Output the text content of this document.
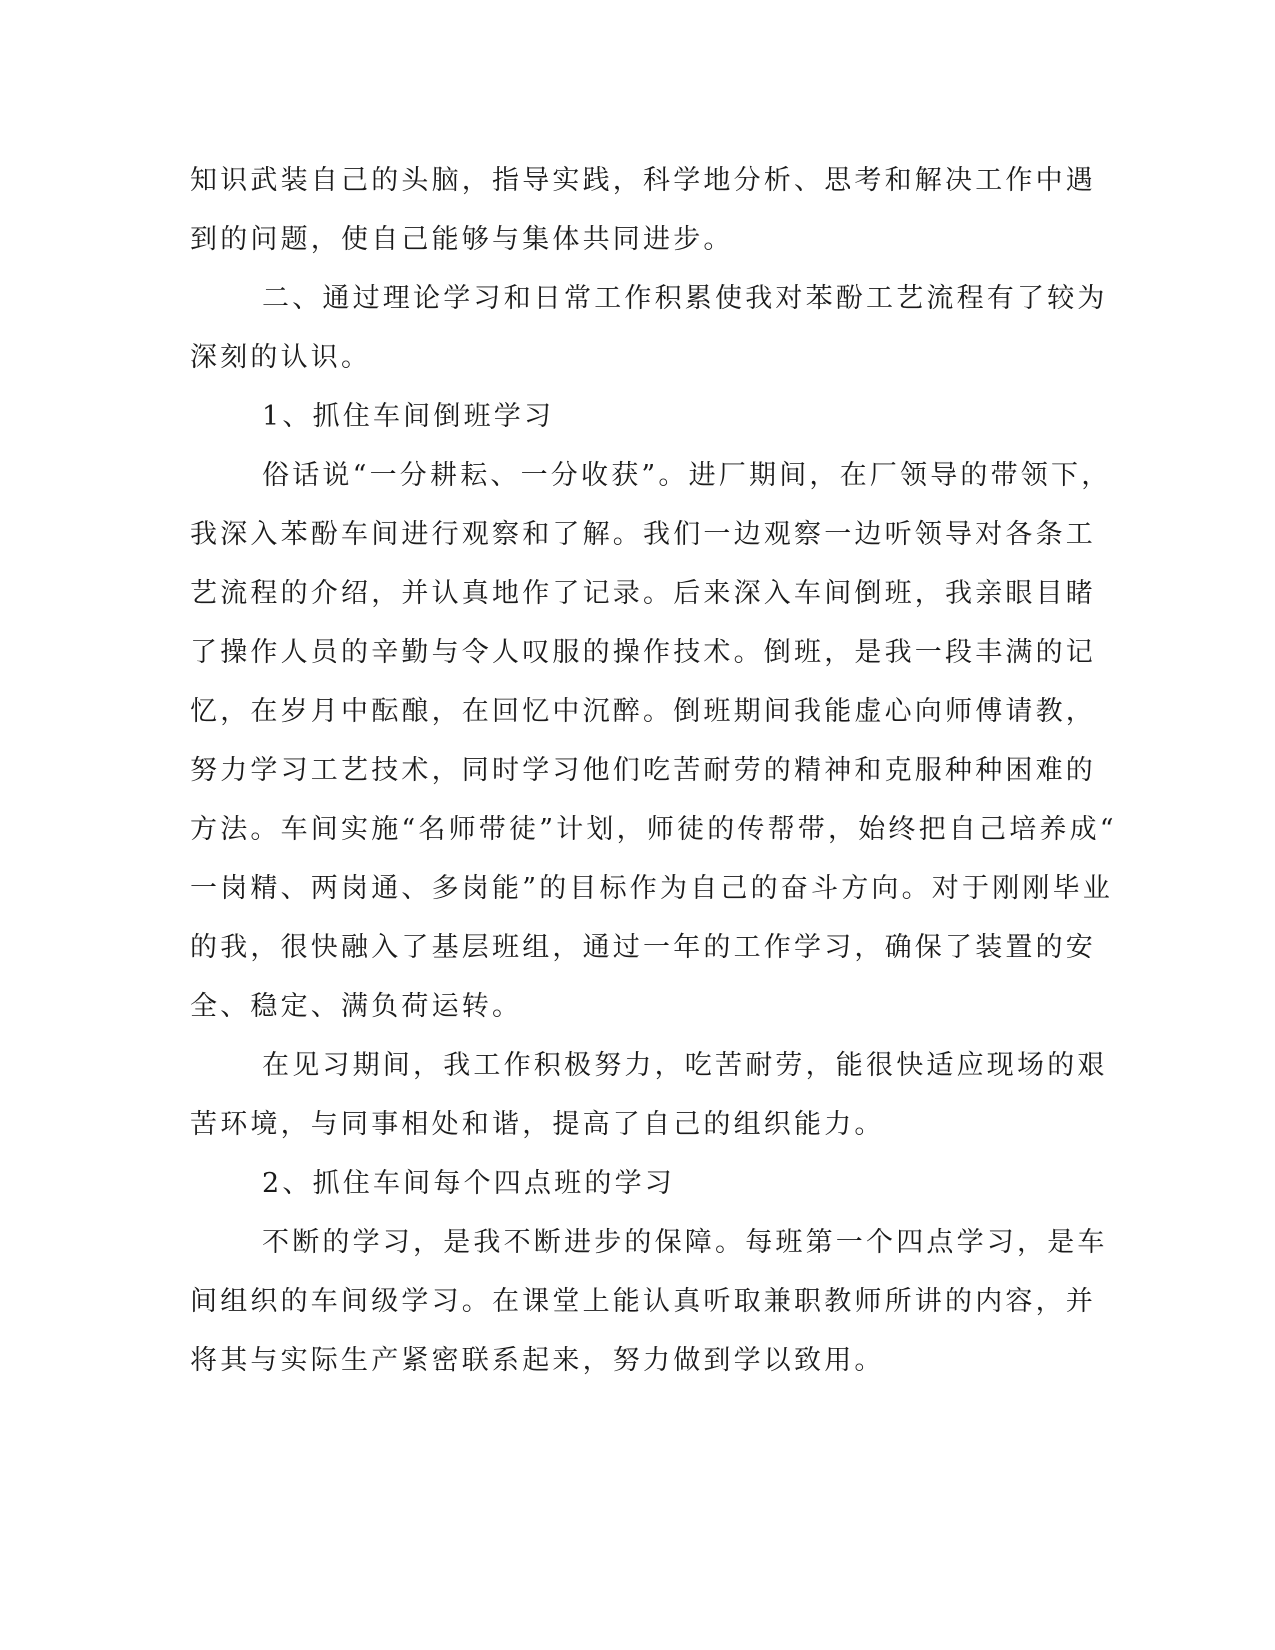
知识武装自己的头脑，指导实践，科学地分析、思考和解决工作中遇
到的问题，使自己能够与集体共同进步。
二、通过理论学习和日常工作积累使我对苯酚工艺流程有了较为
深刻的认识。
1、抓住车间倒班学习
俗话说“一分耕耘、一分收获”。进厂期间，在厂领导的带领下，
我深入苯酚车间进行观察和了解。我们一边观察一边听领导对各条工
艺流程的介绍，并认真地作了记录。后来深入车间倒班，我亲眼目睹
了操作人员的辛勤与令人叹服的操作技术。倒班，是我一段丰满的记
忆，在岁月中酝酿，在回忆中沉醉。倒班期间我能虚心向师傅请教，
努力学习工艺技术，同时学习他们吃苦耐劳的精神和克服种种困难的
方法。车间实施“名师带徒”计划，师徒的传帮带，始终把自己培养成“
一岗精、两岗通、多岗能”的目标作为自己的奋斗方向。对于刚刚毕业
的我，很快融入了基层班组，通过一年的工作学习，确保了装置的安
全、稳定、满负荷运转。
在见习期间，我工作积极努力，吃苦耐劳，能很快适应现场的艰
苦环境，与同事相处和谐，提高了自己的组织能力。
2、抓住车间每个四点班的学习
不断的学习，是我不断进步的保障。每班第一个四点学习，是车
间组织的车间级学习。在课堂上能认真听取兼职教师所讲的内容，并
将其与实际生产紧密联系起来，努力做到学以致用。
